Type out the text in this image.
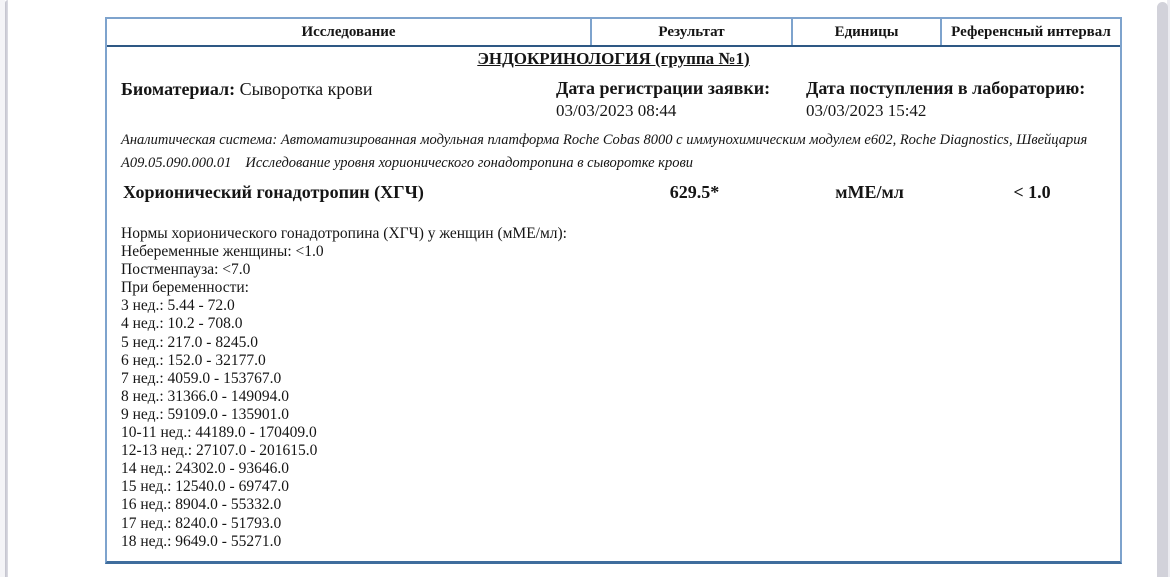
Исследование	Результат	Единицы	Референсный интервал
ЭНДОКРИНОЛОГИЯ (группа №1)
Биоматериал: Сыворотка крови	Дата регистрации заявки:
03/03/2023 08:44
Дата поступления в лабораторию:
03/03/2023 15:42
Аналитическая система: Автоматизированная модульная платформа Roche Cobas 8000 с иммунохимическим модулем e602, Roche Diagnostics, Швейцария
A09.05.090.000.01 Исследование уровня хорионического гонадотропина в сыворотке крови
Хорионический гонадотропин (ХГЧ)	629.5*	мМЕ/мл	< 1.0
Нормы хорионического гонадотропина (ХГЧ) у женщин (мМЕ/мл):
Небеременные женщины: <1.0
Постменпауза: <7.0
При беременности:
3 нед.: 5.44 - 72.0
4 нед.: 10.2 - 708.0
5 нед.: 217.0 - 8245.0
6 нед.: 152.0 - 32177.0
7 нед.: 4059.0 - 153767.0
8 нед.: 31366.0 - 149094.0
9 нед.: 59109.0 - 135901.0
10-11 нед.: 44189.0 - 170409.0
12-13 нед.: 27107.0 - 201615.0
14 нед.: 24302.0 - 93646.0
15 нед.: 12540.0 - 69747.0
16 нед.: 8904.0 - 55332.0
17 нед.: 8240.0 - 51793.0
18 нед.: 9649.0 - 55271.0
